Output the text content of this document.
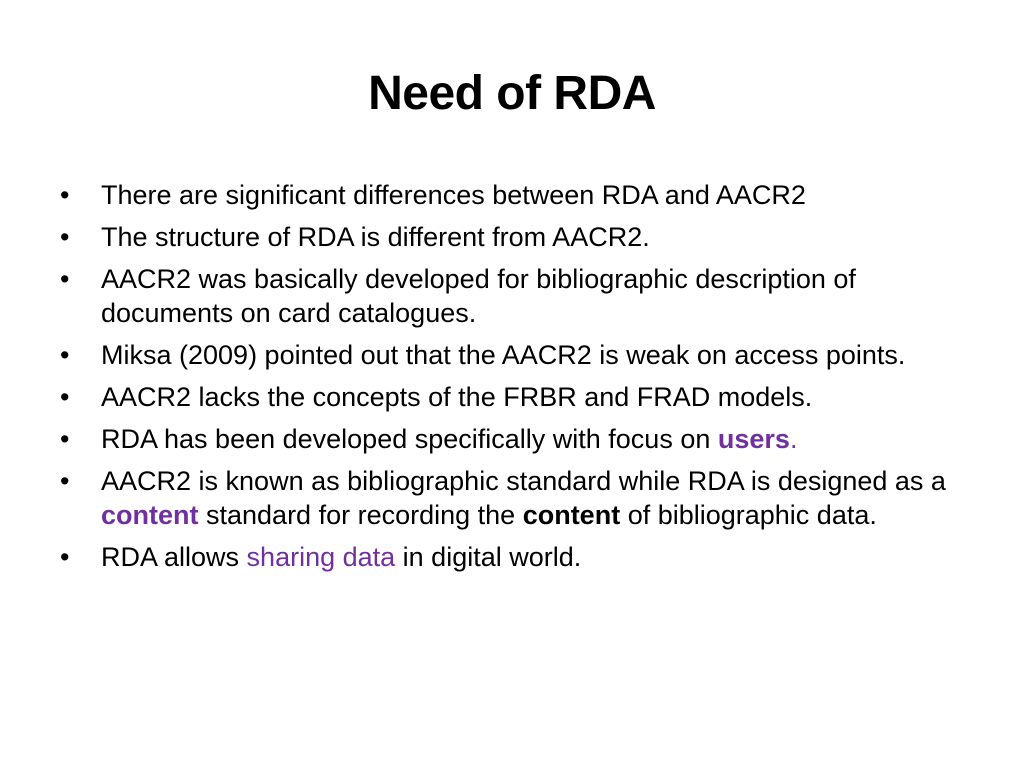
Need of RDA
•	There are significant differences between RDA and AACR2
•	The structure of RDA is different from AACR2.
•	AACR2 was basically developed for bibliographic description of documents on card catalogues.
•	Miksa (2009) pointed out that the AACR2 is weak on access points.
•	AACR2 lacks the concepts of the FRBR and FRAD models.
•	RDA has been developed specifically with focus on users.
•	AACR2 is known as bibliographic standard while RDA is designed as a content standard for recording the content of bibliographic data.
•	RDA allows sharing data in digital world.
